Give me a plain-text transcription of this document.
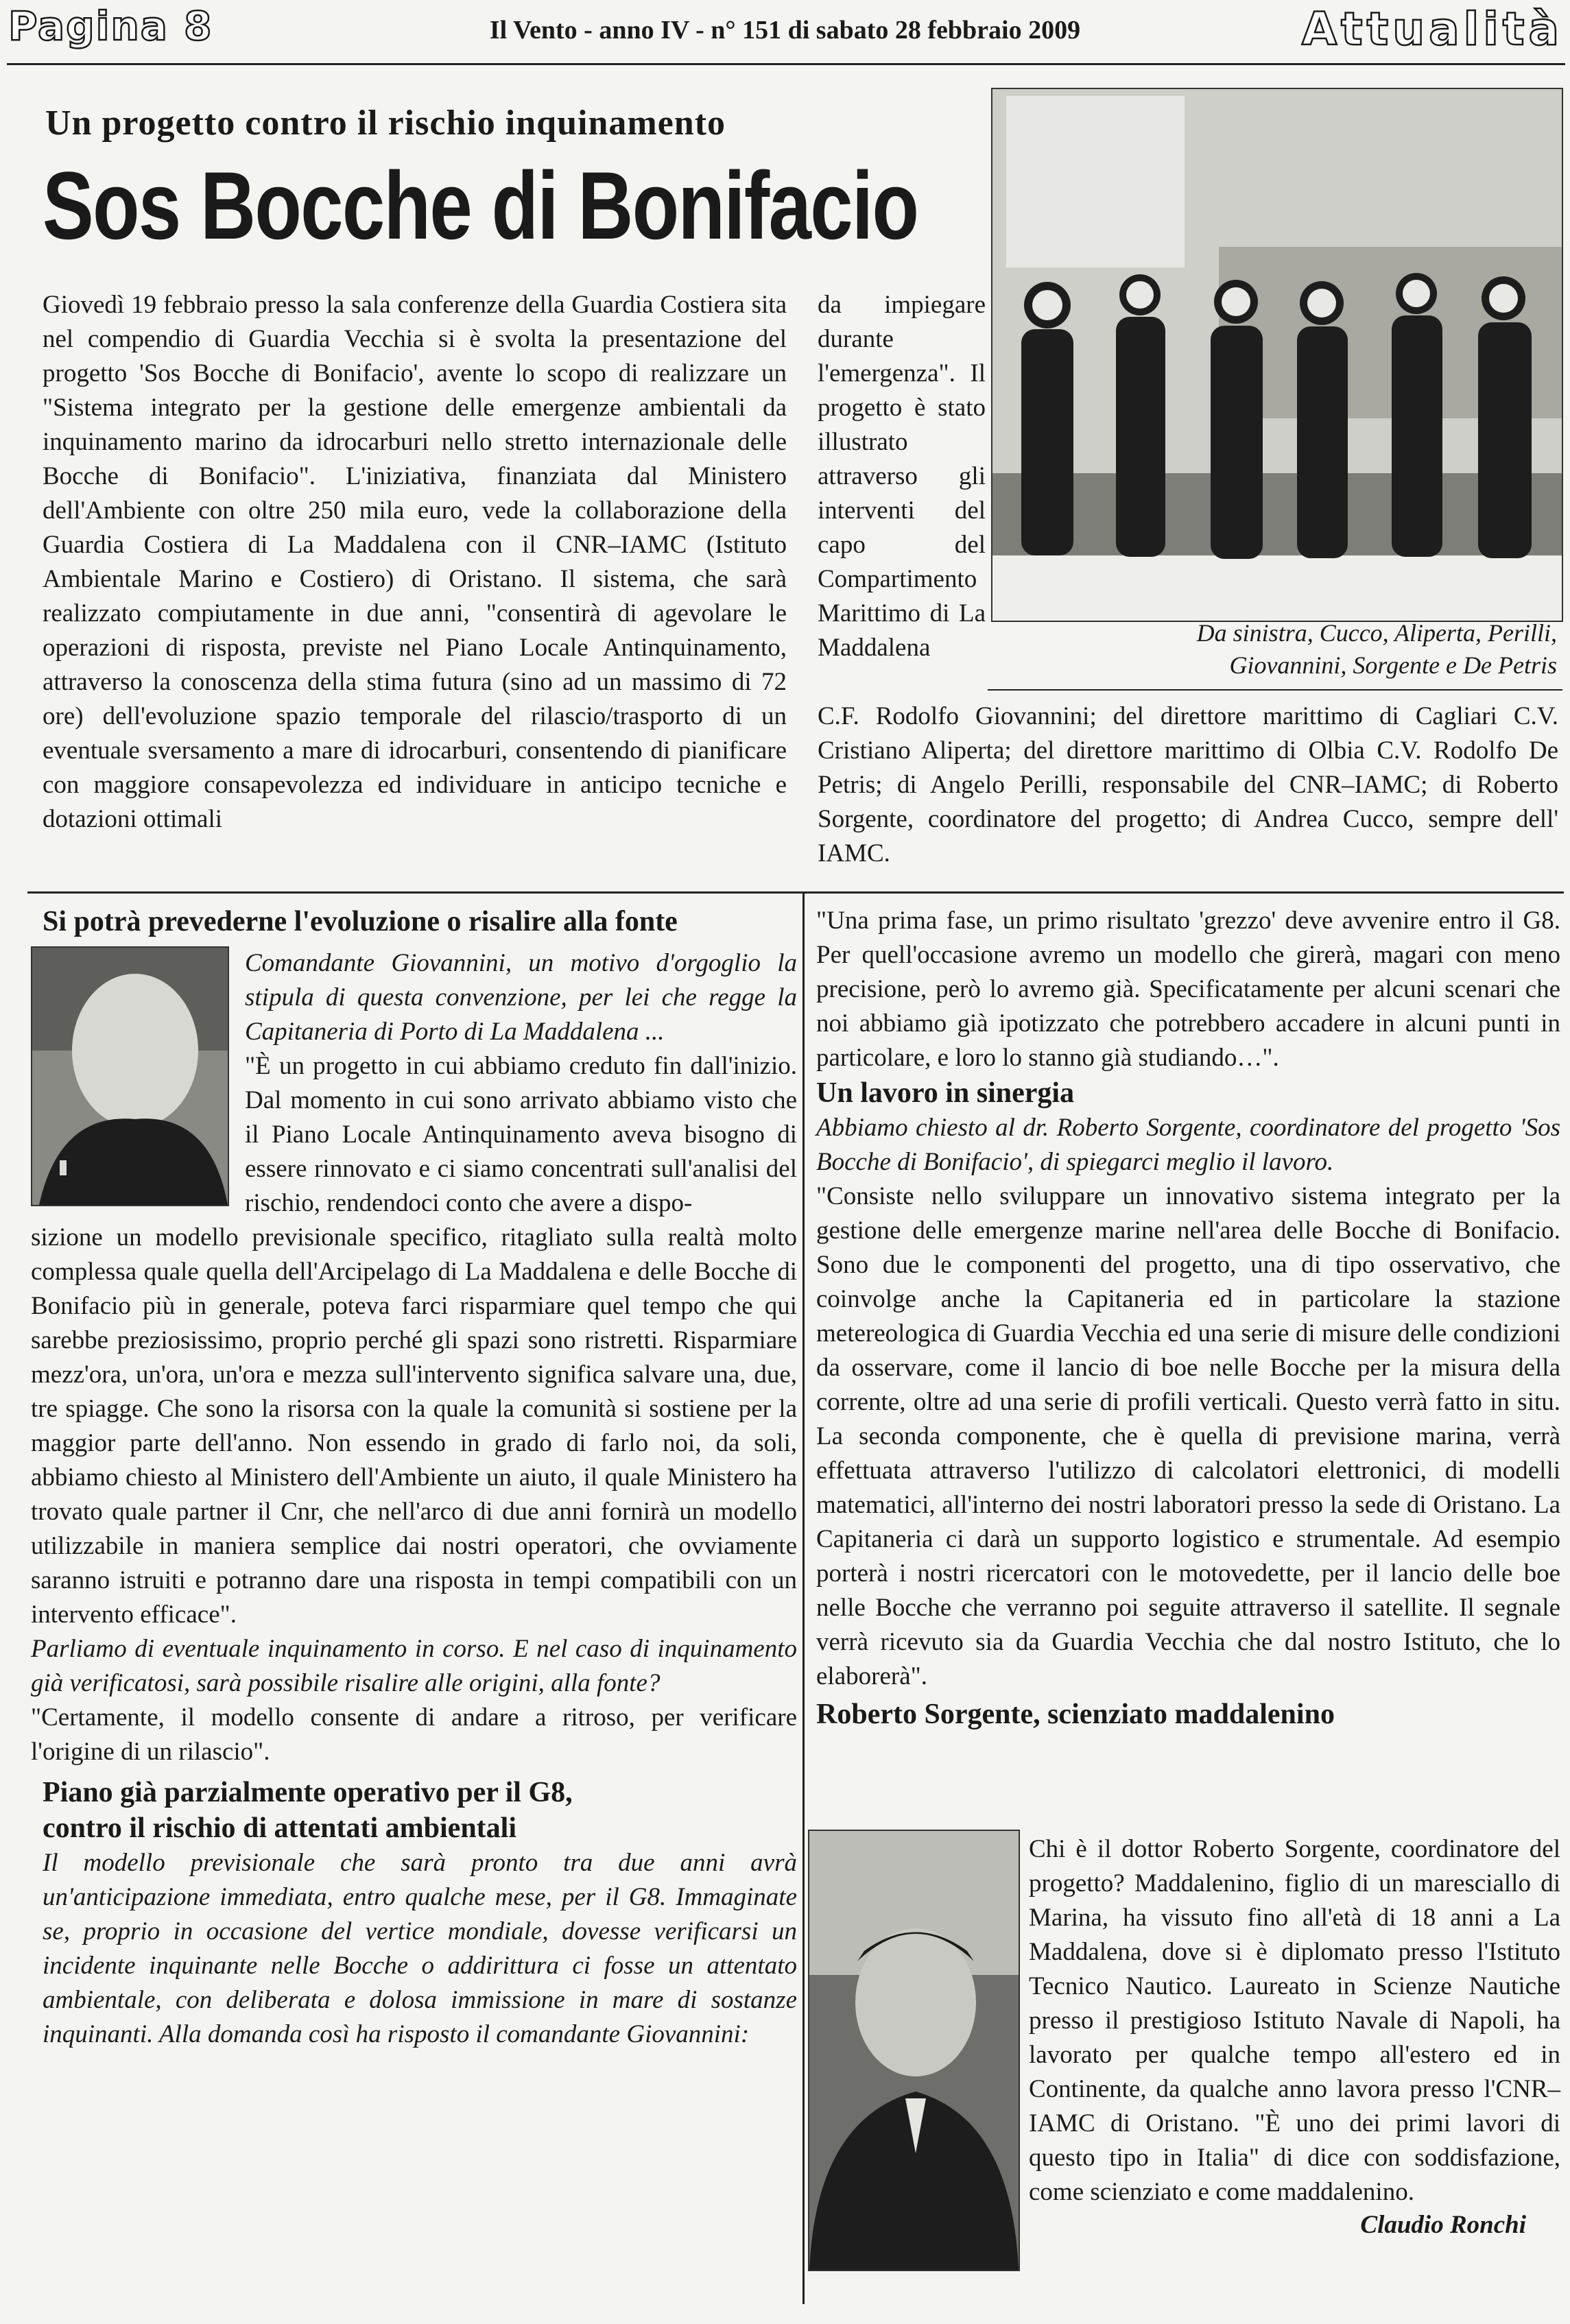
Pagina 8	Il Vento - anno IV - n° 151 di sabato 28 febbraio 2009	Attualità
Un progetto contro il rischio inquinamento
Sos Bocche di Bonifacio

Da sinistra, Cucco, Aliperta, Perilli, Giovannini, Sorgente e De Petris

Giovedì 19 febbraio presso la sala conferenze della Guardia Costiera sita nel compendio di Guardia Vecchia si è svolta la presentazione del progetto 'Sos Bocche di Bonifacio', avente lo scopo di realizzare un "Sistema integrato per la gestione delle emergenze ambientali da inquinamento marino da idrocarburi nello stretto internazionale delle Bocche di Bonifacio". L'iniziativa, finanziata dal Ministero dell'Ambiente con oltre 250 mila euro, vede la collaborazione della Guardia Costiera di La Maddalena con il CNR–IAMC (Istituto Ambientale Marino e Costiero) di Oristano. Il sistema, che sarà realizzato compiutamente in due anni, "consentirà di agevolare le operazioni di risposta, previste nel Piano Locale Antinquinamento, attraverso la conoscenza della stima futura (sino ad un massimo di 72 ore) dell'evoluzione spazio temporale del rilascio/trasporto di un eventuale sversamento a mare di idrocarburi, consentendo di pianificare con maggiore consapevolezza ed individuare in anticipo tecniche e dotazioni ottimali

da impiegare durante l'emergenza". Il progetto è stato illustrato attraverso gli interventi del capo del Compartimento Marittimo di La Maddalena

C.F. Rodolfo Giovannini; del direttore marittimo di Cagliari C.V. Cristiano Aliperta; del direttore marittimo di Olbia C.V. Rodolfo De Petris; di Angelo Perilli, responsabile del CNR–IAMC; di Roberto Sorgente, coordinatore del progetto; di Andrea Cucco, sempre dell' IAMC.

Si potrà prevederne l'evoluzione o risalire alla fonte

Comandante Giovannini, un motivo d'orgoglio la stipula di questa convenzione, per lei che regge la Capitaneria di Porto di La Maddalena ...

"È un progetto in cui abbiamo creduto fin dall'inizio. Dal momento in cui sono arrivato abbiamo visto che il Piano Locale Antinquinamento aveva bisogno di essere rinnovato e ci siamo concentrati sull'analisi del rischio, rendendoci conto che avere a dispo-

sizione un modello previsionale specifico, ritagliato sulla realtà molto complessa quale quella dell'Arcipelago di La Maddalena e delle Bocche di Bonifacio più in generale, poteva farci risparmiare quel tempo che qui sarebbe preziosissimo, proprio perché gli spazi sono ristretti. Risparmiare mezz'ora, un'ora, un'ora e mezza sull'intervento significa salvare una, due, tre spiagge. Che sono la risorsa con la quale la comunità si sostiene per la maggior parte dell'anno. Non essendo in grado di farlo noi, da soli, abbiamo chiesto al Ministero dell'Ambiente un aiuto, il quale Ministero ha trovato quale partner il Cnr, che nell'arco di due anni fornirà un modello utilizzabile in maniera semplice dai nostri operatori, che ovviamente saranno istruiti e potranno dare una risposta in tempi compatibili con un intervento efficace".

Parliamo di eventuale inquinamento in corso. E nel caso di inquinamento già verificatosi, sarà possibile risalire alle origini, alla fonte?

"Certamente, il modello consente di andare a ritroso, per verificare l'origine di un rilascio".

Piano già parzialmente operativo per il G8,

contro il rischio di attentati ambientali

Il modello previsionale che sarà pronto tra due anni avrà un'anticipazione immediata, entro qualche mese, per il G8. Immaginate se, proprio in occasione del vertice mondiale, dovesse verificarsi un incidente inquinante nelle Bocche o addirittura ci fosse un attentato ambientale, con deliberata e dolosa immissione in mare di sostanze inquinanti. Alla domanda così ha risposto il comandante Giovannini:

"Una prima fase, un primo risultato 'grezzo' deve avvenire entro il G8. Per quell'occasione avremo un modello che girerà, magari con meno precisione, però lo avremo già. Specificatamente per alcuni scenari che noi abbiamo già ipotizzato che potrebbero accadere in alcuni punti in particolare, e loro lo stanno già studiando…".

Un lavoro in sinergia

Abbiamo chiesto al dr. Roberto Sorgente, coordinatore del progetto 'Sos Bocche di Bonifacio', di spiegarci meglio il lavoro.

"Consiste nello sviluppare un innovativo sistema integrato per la gestione delle emergenze marine nell'area delle Bocche di Bonifacio. Sono due le componenti del progetto, una di tipo osservativo, che coinvolge anche la Capitaneria ed in particolare la stazione metereologica di Guardia Vecchia ed una serie di misure delle condizioni da osservare, come il lancio di boe nelle Bocche per la misura della corrente, oltre ad una serie di profili verticali. Questo verrà fatto in situ. La seconda componente, che è quella di previsione marina, verrà effettuata attraverso l'utilizzo di calcolatori elettronici, di modelli matematici, all'interno dei nostri laboratori presso la sede di Oristano. La Capitaneria ci darà un supporto logistico e strumentale. Ad esempio porterà i nostri ricercatori con le motovedette, per il lancio delle boe nelle Bocche che verranno poi seguite attraverso il satellite. Il segnale verrà ricevuto sia da Guardia Vecchia che dal nostro Istituto, che lo elaborerà".

Roberto Sorgente, scienziato maddalenino

Chi è il dottor Roberto Sorgente, coordinatore del progetto? Maddalenino, figlio di un maresciallo di Marina, ha vissuto fino all'età di 18 anni a La Maddalena, dove si è diplomato presso l'Istituto Tecnico Nautico. Laureato in Scienze Nautiche presso il prestigioso Istituto Navale di Napoli, ha lavorato per qualche tempo all'estero ed in Continente, da qualche anno lavora presso l'CNR–IAMC di Oristano. "È uno dei primi lavori di questo tipo in Italia" di dice con soddisfazione, come scienziato e come maddalenino.

Claudio Ronchi
